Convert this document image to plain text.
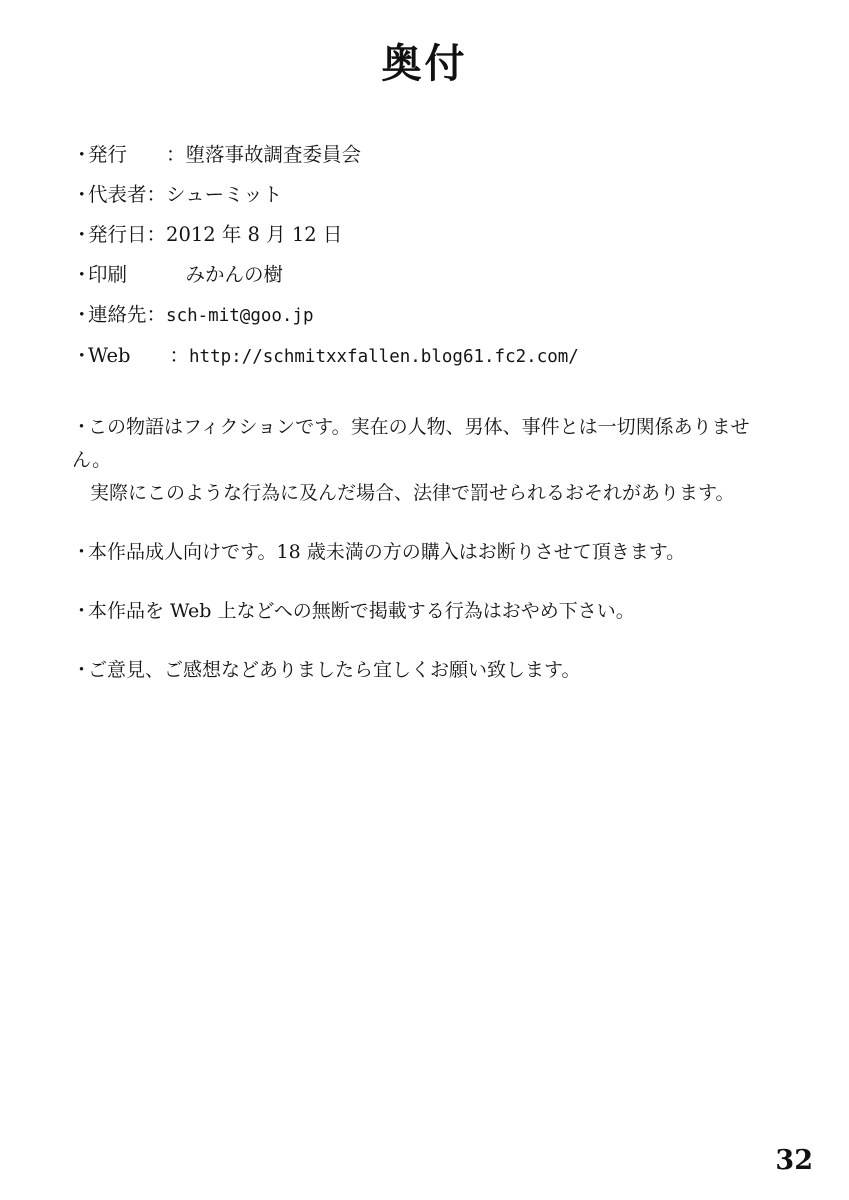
奥付
・発行　　 ：堕落事故調査委員会
・代表者：シューミット
・発行日：2012 年 8 月 12 日
・印刷　　　	みかんの樹
・連絡先：sch-mit@goo.jp
・Web　　 ：http://schmitxxfallen.blog61.fc2.com/
・この物語はフィクションです。実在の人物、男体、事件とは一切関係ありません。
実際にこのような行為に及んだ場合、法律で罰せられるおそれがあります。
・本作品成人向けです。18 歳未満の方の購入はお断りさせて頂きます。
・本作品を Web 上などへの無断で掲載する行為はおやめ下さい。
・ご意見、ご感想などありましたら宜しくお願い致します。
32
